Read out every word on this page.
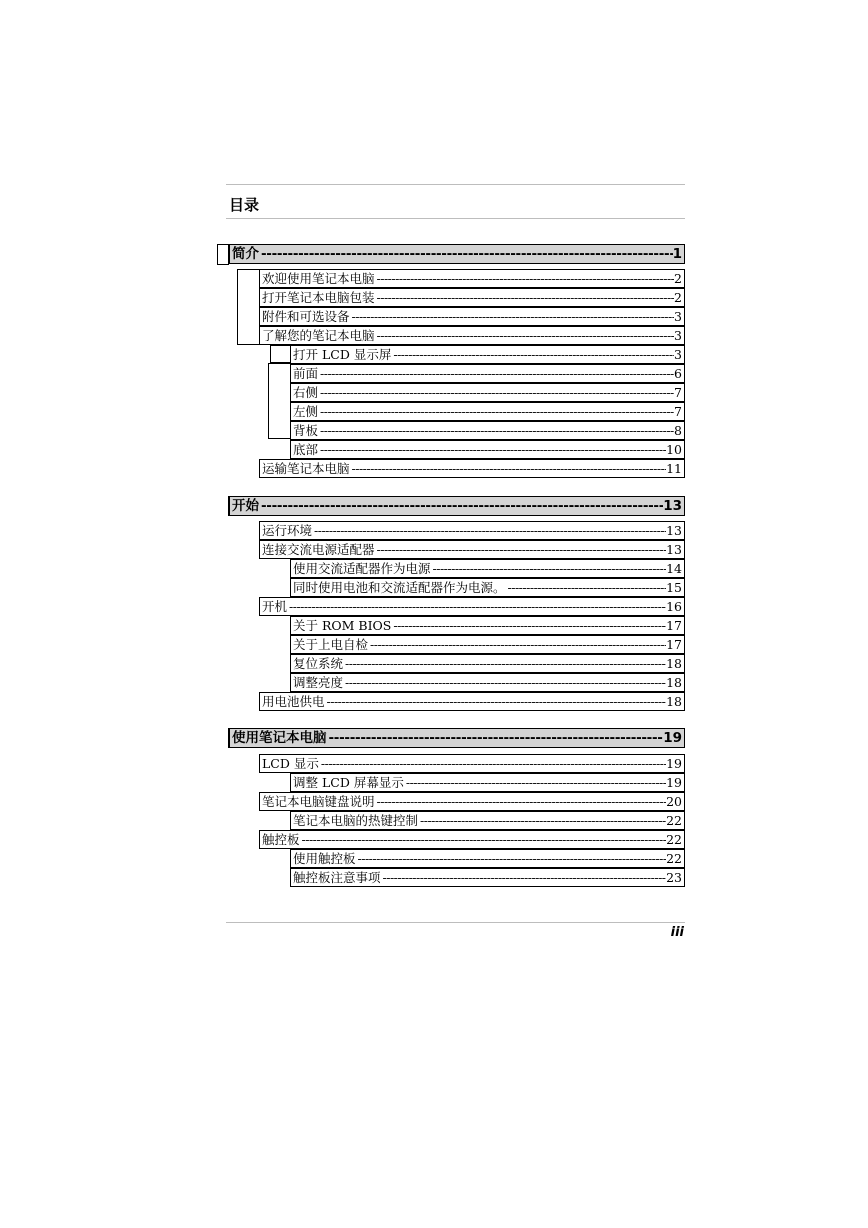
目录
简介 -----	1
欢迎使用笔记本电脑 -----	2
打开笔记本电脑包装 -----	2
附件和可选设备 -----	3
了解您的笔记本电脑 -----	3
打开 LCD 显示屏 -----	3
前面 -----	6
右侧 -----	7
左侧 -----	7
背板 -----	8
底部 -----	10
运输笔记本电脑 -----	11
开始 -----	13
运行环境 -----	13
连接交流电源适配器 -----	13
使用交流适配器作为电源 -----	14
同时使用电池和交流适配器作为电源。 -----	15
开机 -----	16
关于 ROM BIOS -----	17
关于上电自检 -----	17
复位系统 -----	18
调整亮度 -----	18
用电池供电 -----	18
使用笔记本电脑 -----	19
LCD 显示 -----	19
调整 LCD 屏幕显示 -----	19
笔记本电脑键盘说明 -----	20
笔记本电脑的热键控制 -----	22
触控板 -----	22
使用触控板 -----	22
触控板注意事项 -----	23
iii
